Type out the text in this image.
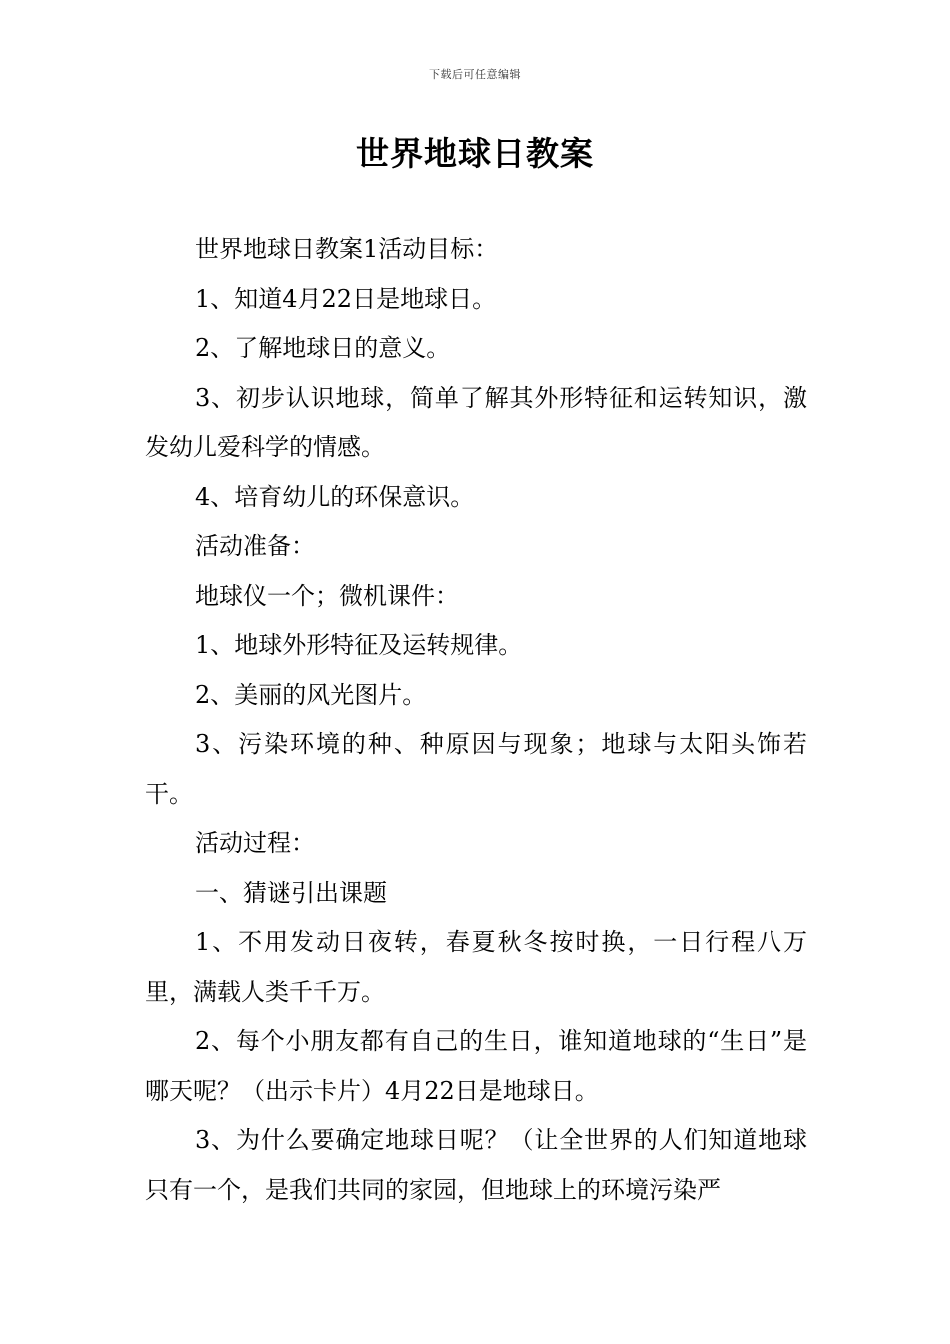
下载后可任意编辑
世界地球日教案

世界地球日教案1活动目标：

1、知道4月22日是地球日。

2、了解地球日的意义。

3、初步认识地球，简单了解其外形特征和运转知识，激发幼儿爱科学的情感。

4、培育幼儿的环保意识。

活动准备：

地球仪一个；微机课件：

1、地球外形特征及运转规律。

2、美丽的风光图片。

3、污染环境的种、种原因与现象；地球与太阳头饰若干。

活动过程：

一、猜谜引出课题

1、不用发动日夜转，春夏秋冬按时换，一日行程八万里，满载人类千千万。

2、每个小朋友都有自己的生日，谁知道地球的“生日”是哪天呢？（出示卡片）4月22日是地球日。

3、为什么要确定地球日呢？（让全世界的人们知道地球只有一个，是我们共同的家园，但地球上的环境污染严
